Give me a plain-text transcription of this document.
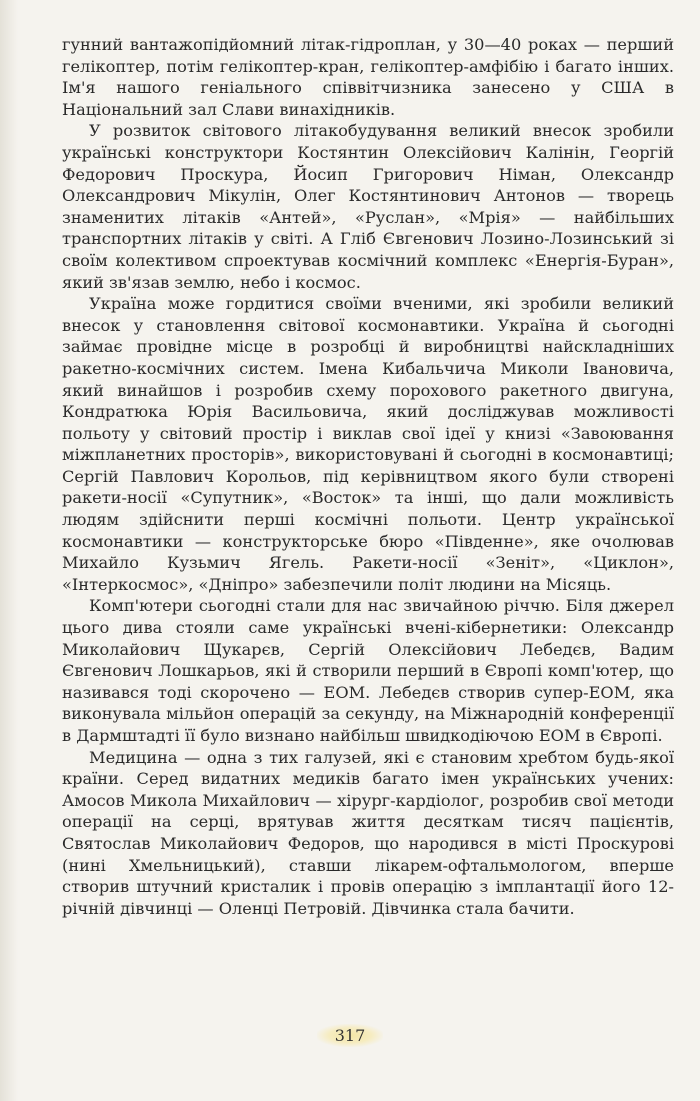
гунний вантажопідйомний літак-гідроплан, у 30—40 роках — перший гелікоптер, потім гелікоптер-кран, гелікоптер-амфібію і багато інших. Ім'я нашого геніального співвітчизника занесено у США в Національний зал Слави винахідників.

У розвиток світового літакобудування великий внесок зробили українські конструктори Костянтин Олексійович Калінін, Георгій Федорович Проскура, Йосип Григорович Німан, Олександр Олександрович Мікулін, Олег Костянтинович Антонов — творець знаменитих літаків «Антей», «Руслан», «Мрія» — найбільших транспортних літаків у світі. А Гліб Євгенович Лозино-Лозинський зі своїм колективом спроектував космічний комплекс «Енергія-Буран», який зв'язав землю, небо і космос.

Україна може гордитися своїми вченими, які зробили великий внесок у становлення світової космонавтики. Україна й сьогодні займає провідне місце в розробці й виробництві найскладніших ракетно-космічних систем. Імена Кибальчича Миколи Івановича, який винайшов і розробив схему порохового ракетного двигуна, Кондратюка Юрія Васильовича, який досліджував можливості польоту у світовий простір і виклав свої ідеї у книзі «Завоювання міжпланетних просторів», використовувані й сьогодні в космонавтиці; Сергій Павлович Корольов, під керівництвом якого були створені ракети-носії «Супутник», «Восток» та інші, що дали можливість людям здійснити перші космічні польоти. Центр української космонавтики — конструкторське бюро «Південне», яке очолював Михайло Кузьмич Ягель. Ракети-носії «Зеніт», «Циклон», «Інтеркосмос», «Дніпро» забезпечили політ людини на Місяць.

Комп'ютери сьогодні стали для нас звичайною річчю. Біля джерел цього дива стояли саме українські вчені-кібернетики: Олександр Миколайович Щукарєв, Сергій Олексійович Лебедєв, Вадим Євгенович Лошкарьов, які й створили перший в Європі комп'ютер, що називався тоді скорочено — ЕОМ. Лебедєв створив супер-ЕОМ, яка виконувала мільйон операцій за секунду, на Міжнародній конференції в Дармштадті її було визнано найбільш швидкодіючою ЕОМ в Європі.

Медицина — одна з тих галузей, які є становим хребтом будь-якої країни. Серед видатних медиків багато імен українських учених: Амосов Микола Михайлович — хірург-кардіолог, розробив свої методи операції на серці, врятував життя десяткам тисяч пацієнтів, Святослав Миколайович Федоров, що народився в місті Проскурові (нині Хмельницький), ставши лікарем-офтальмологом, вперше створив штучний кристалик і провів операцію з імплантації його 12-річній дівчинці — Оленці Петровій. Дівчинка стала бачити.

317
